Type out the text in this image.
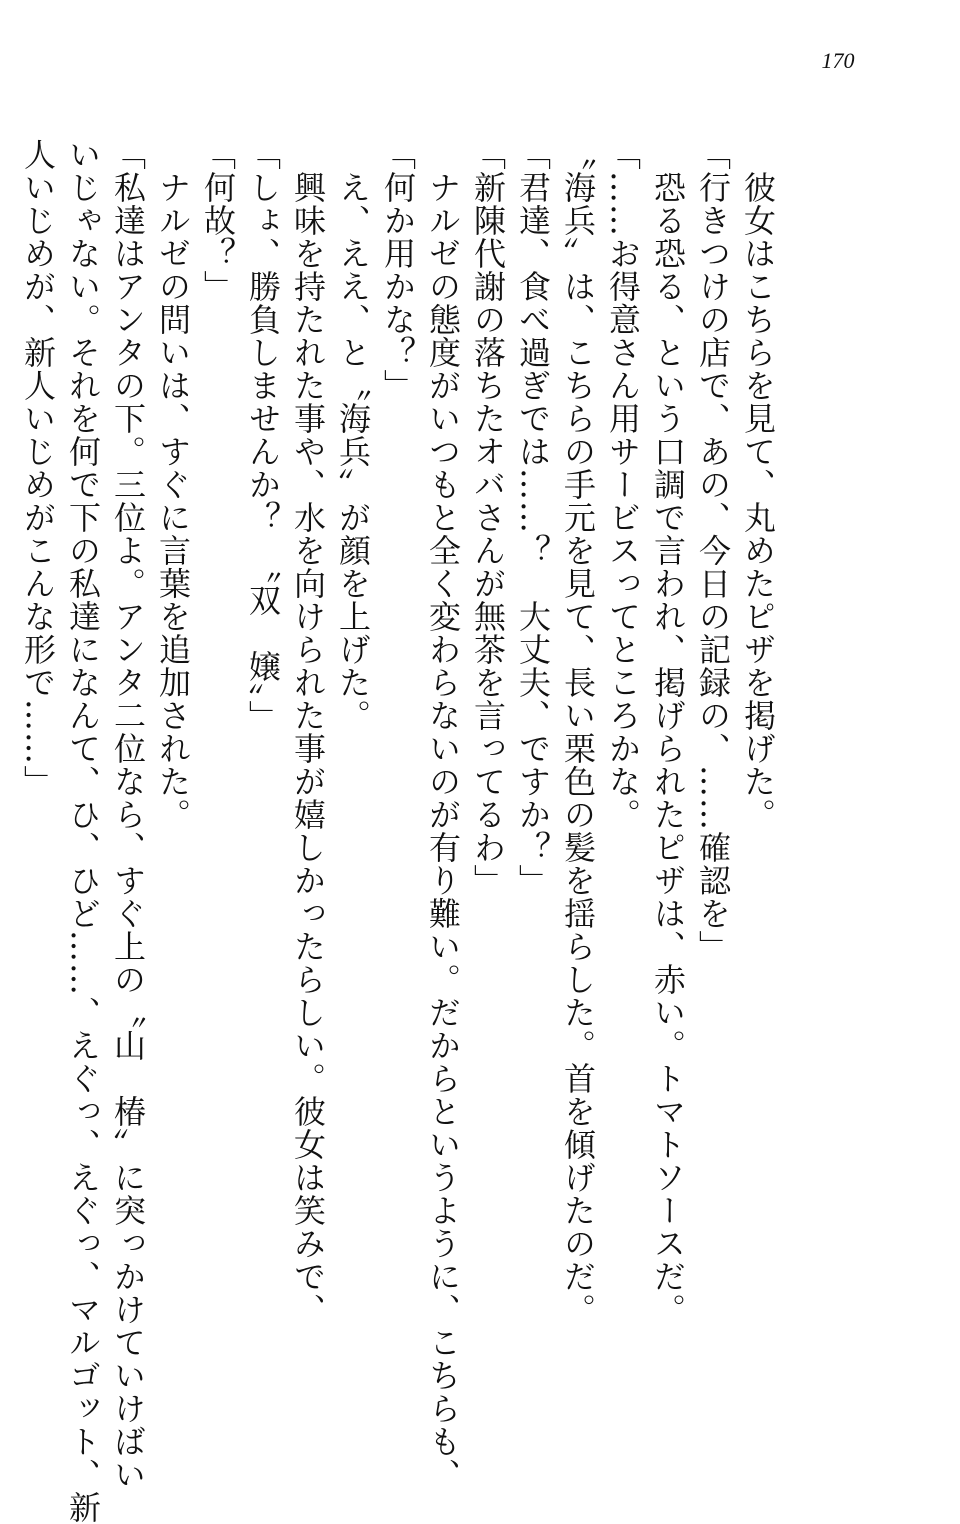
170
　彼女はこちらを見て、丸めたピザを掲げた。
「行きつけの店で、あの、今日の記録の、……確認を」
　恐る恐る、という口調で言われ、掲げられたピザは、赤い。トマトソースだ。
「……お得意さん用サービスってところかな。
〝海兵〟は、こちらの手元を見て、長い栗色の髪を揺らした。首を傾げたのだ。
「君達、食べ過ぎでは……？　大丈夫、ですか？」
「新陳代謝の落ちたオバさんが無茶を言ってるわ」
　ナルゼの態度がいつもと全く変わらないのが有り難い。だからというように、こちらも、
「何か用かな？」
　え、ええ、と〝海兵〟が顔を上げた。
　興味を持たれた事や、水を向けられた事が嬉しかったらしい。彼女は笑みで、
「しょ、勝負しませんか？　〝双　嬢〟」
「何故？」
　ナルゼの問いは、すぐに言葉を追加された。
「私達はアンタの下。三位よ。アンタ二位なら、すぐ上の〝山　椿〟に突っかけていけばい
いじゃない。それを何で下の私達になんて、ひ、ひど……、えぐっ、えぐっ、マルゴット、新
人いじめが、新人いじめがこんな形で……」
